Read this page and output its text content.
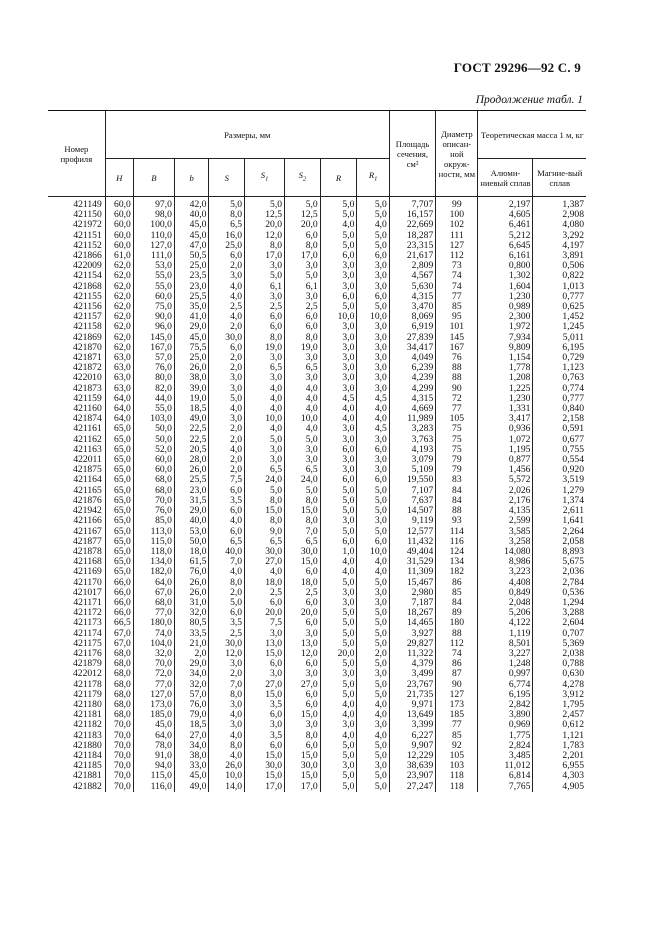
ГОСТ 29296—92 С. 9
Продолжение табл. 1
Номер профиля	Размеры, мм								Площадь сечения, см²	Диаметр описан-ной окруж-ности, мм	Теоретическая масса 1 м, кг	
	H	B	b	S	$S_1$	$S_2$	R	$R_1$			Алюми-ниевый сплав	Магние-вый сплав
421149	60,0	97,0	42,0	5,0	5,0	5,0	5,0	5,0	7,707	99	2,197	1,387
421150	60,0	98,0	40,0	8,0	12,5	12,5	5,0	5,0	16,157	100	4,605	2,908
421972	60,0	100,0	45,0	6,5	20,0	20,0	4,0	4,0	22,669	102	6,461	4,080
421151	60,0	110,0	45,0	16,0	12,0	6,0	5,0	5,0	18,287	111	5,212	3,292
421152	60,0	127,0	47,0	25,0	8,0	8,0	5,0	5,0	23,315	127	6,645	4,197
421866	61,0	111,0	50,5	6,0	17,0	17,0	6,0	6,0	21,617	112	6,161	3,891
422009	62,0	53,0	25,0	2,0	3,0	3,0	3,0	3,0	2,809	73	0,800	0,506
421154	62,0	55,0	23,5	3,0	5,0	5,0	3,0	3,0	4,567	74	1,302	0,822
421868	62,0	55,0	23,0	4,0	6,1	6,1	3,0	3,0	5,630	74	1,604	1,013
421155	62,0	60,0	25,5	4,0	3,0	3,0	6,0	6,0	4,315	77	1,230	0,777
421156	62,0	75,0	35,0	2,5	2,5	2,5	5,0	5,0	3,470	85	0,989	0,625
421157	62,0	90,0	41,0	4,0	6,0	6,0	10,0	10,0	8,069	95	2,300	1,452
421158	62,0	96,0	29,0	2,0	6,0	6,0	3,0	3,0	6,919	101	1,972	1,245
421869	62,0	145,0	45,0	30,0	8,0	8,0	3,0	3,0	27,839	145	7,934	5,011
421870	62,0	167,0	75,5	6,0	19,0	19,0	3,0	3,0	34,417	167	9,809	6,195
421871	63,0	57,0	25,0	2,0	3,0	3,0	3,0	3,0	4,049	76	1,154	0,729
421872	63,0	76,0	26,0	2,0	6,5	6,5	3,0	3,0	6,239	88	1,778	1,123
422010	63,0	80,0	38,0	3,0	3,0	3,0	3,0	3,0	4,239	88	1,208	0,763
421873	63,0	82,0	39,0	3,0	4,0	4,0	3,0	3,0	4,299	90	1,225	0,774
421159	64,0	44,0	19,0	5,0	4,0	4,0	4,5	4,5	4,315	72	1,230	0,777
421160	64,0	55,0	18,5	4,0	4,0	4,0	4,0	4,0	4,669	77	1,331	0,840
421874	64,0	103,0	49,0	3,0	10,0	10,0	4,0	4,0	11,989	105	3,417	2,158
421161	65,0	50,0	22,5	2,0	4,0	4,0	3,0	4,5	3,283	75	0,936	0,591
421162	65,0	50,0	22,5	2,0	5,0	5,0	3,0	3,0	3,763	75	1,072	0,677
421163	65,0	52,0	20,5	4,0	3,0	3,0	6,0	6,0	4,193	75	1,195	0,755
422011	65,0	60,0	28,0	2,0	3,0	3,0	3,0	3,0	3,079	79	0,877	0,554
421875	65,0	60,0	26,0	2,0	6,5	6,5	3,0	3,0	5,109	79	1,456	0,920
421164	65,0	68,0	25,5	7,5	24,0	24,0	6,0	6,0	19,550	83	5,572	3,519
421165	65,0	68,0	23,0	6,0	5,0	5,0	5,0	5,0	7,107	84	2,026	1,279
421876	65,0	70,0	31,5	3,5	8,0	8,0	5,0	5,0	7,637	84	2,176	1,374
421942	65,0	76,0	29,0	6,0	15,0	15,0	5,0	5,0	14,507	88	4,135	2,611
421166	65,0	85,0	40,0	4,0	8,0	8,0	3,0	3,0	9,119	93	2,599	1,641
421167	65,0	113,0	53,0	6,0	9,0	7,0	5,0	5,0	12,577	114	3,585	2,264
421877	65,0	115,0	50,0	6,5	6,5	6,5	6,0	6,0	11,432	116	3,258	2,058
421878	65,0	118,0	18,0	40,0	30,0	30,0	1,0	10,0	49,404	124	14,080	8,893
421168	65,0	134,0	61,5	7,0	27,0	15,0	4,0	4,0	31,529	134	8,986	5,675
421169	65,0	182,0	76,0	4,0	4,0	6,0	4,0	4,0	11,309	182	3,223	2,036
421170	66,0	64,0	26,0	8,0	18,0	18,0	5,0	5,0	15,467	86	4,408	2,784
421017	66,0	67,0	26,0	2,0	2,5	2,5	3,0	3,0	2,980	85	0,849	0,536
421171	66,0	68,0	31,0	5,0	6,0	6,0	3,0	3,0	7,187	84	2,048	1,294
421172	66,0	77,0	32,0	6,0	20,0	20,0	5,0	5,0	18,267	89	5,206	3,288
421173	66,5	180,0	80,5	3,5	7,5	6,0	5,0	5,0	14,465	180	4,122	2,604
421174	67,0	74,0	33,5	2,5	3,0	3,0	5,0	5,0	3,927	88	1,119	0,707
421175	67,0	104,0	21,0	30,0	13,0	13,0	5,0	5,0	29,827	112	8,501	5,369
421176	68,0	32,0	2,0	12,0	15,0	12,0	20,0	2,0	11,322	74	3,227	2,038
421879	68,0	70,0	29,0	3,0	6,0	6,0	5,0	5,0	4,379	86	1,248	0,788
422012	68,0	72,0	34,0	2,0	3,0	3,0	3,0	3,0	3,499	87	0,997	0,630
421178	68,0	77,0	32,0	7,0	27,0	27,0	5,0	5,0	23,767	90	6,774	4,278
421179	68,0	127,0	57,0	8,0	15,0	6,0	5,0	5,0	21,735	127	6,195	3,912
421180	68,0	173,0	76,0	3,0	3,5	6,0	4,0	4,0	9,971	173	2,842	1,795
421181	68,0	185,0	79,0	4,0	6,0	15,0	4,0	4,0	13,649	185	3,890	2,457
421182	70,0	45,0	18,5	3,0	3,0	3,0	3,0	3,0	3,399	77	0,969	0,612
421183	70,0	64,0	27,0	4,0	3,5	8,0	4,0	4,0	6,227	85	1,775	1,121
421880	70,0	78,0	34,0	8,0	6,0	6,0	5,0	5,0	9,907	92	2,824	1,783
421184	70,0	91,0	38,0	4,0	15,0	15,0	5,0	5,0	12,229	105	3,485	2,201
421185	70,0	94,0	33,0	26,0	30,0	30,0	3,0	3,0	38,639	103	11,012	6,955
421881	70,0	115,0	45,0	10,0	15,0	15,0	5,0	5,0	23,907	118	6,814	4,303
421882	70,0	116,0	49,0	14,0	17,0	17,0	5,0	5,0	27,247	118	7,765	4,905
